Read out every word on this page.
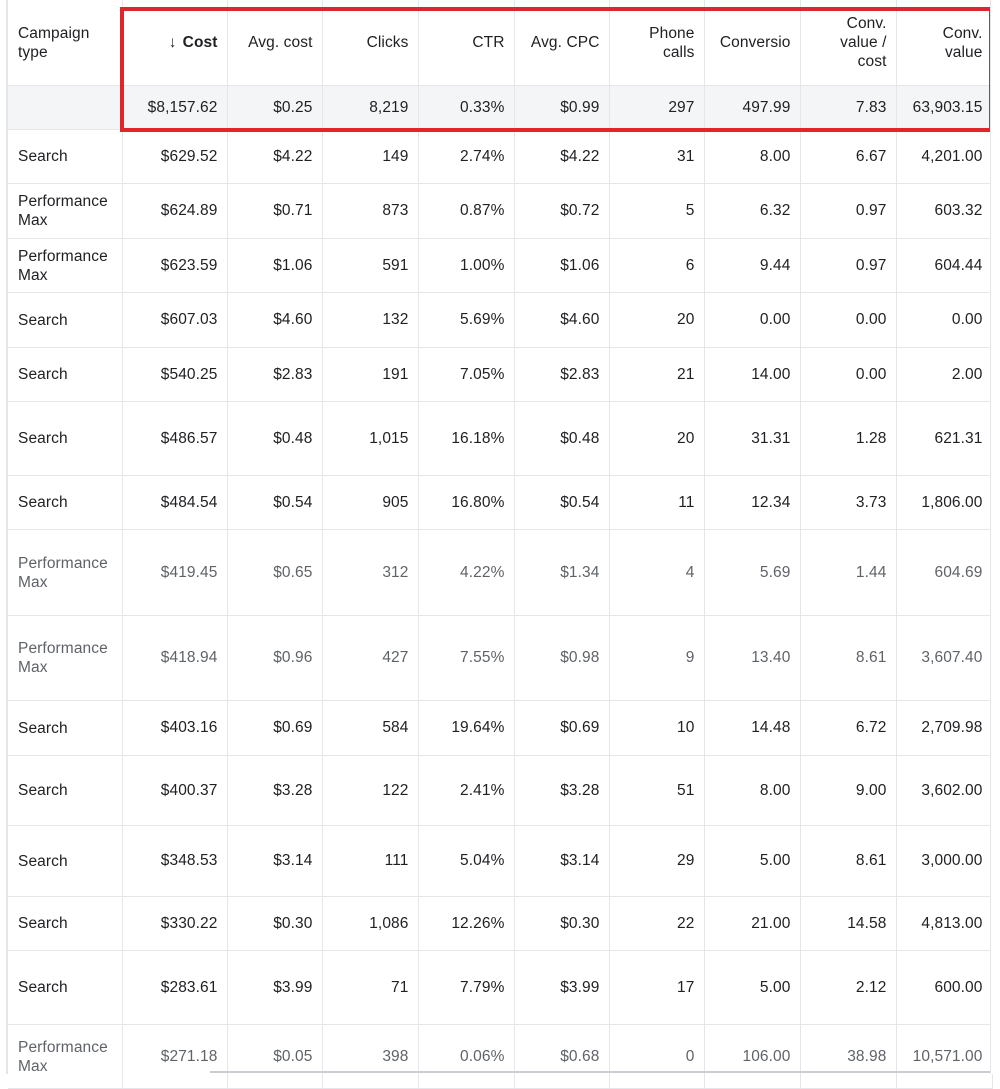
Campaign type	↓ Cost	Avg. cost	Clicks	CTR	Avg. CPC	Phone calls	Conversio	Conv. value / cost	Conv. value
	$8,157.62	$0.25	8,219	0.33%	$0.99	297	497.99	7.83	63,903.15
Search	$629.52	$4.22	149	2.74%	$4.22	31	8.00	6.67	4,201.00
Performance Max	$624.89	$0.71	873	0.87%	$0.72	5	6.32	0.97	603.32
Performance Max	$623.59	$1.06	591	1.00%	$1.06	6	9.44	0.97	604.44
Search	$607.03	$4.60	132	5.69%	$4.60	20	0.00	0.00	0.00
Search	$540.25	$2.83	191	7.05%	$2.83	21	14.00	0.00	2.00
Search	$486.57	$0.48	1,015	16.18%	$0.48	20	31.31	1.28	621.31
Search	$484.54	$0.54	905	16.80%	$0.54	11	12.34	3.73	1,806.00
Performance Max	$419.45	$0.65	312	4.22%	$1.34	4	5.69	1.44	604.69
Performance Max	$418.94	$0.96	427	7.55%	$0.98	9	13.40	8.61	3,607.40
Search	$403.16	$0.69	584	19.64%	$0.69	10	14.48	6.72	2,709.98
Search	$400.37	$3.28	122	2.41%	$3.28	51	8.00	9.00	3,602.00
Search	$348.53	$3.14	111	5.04%	$3.14	29	5.00	8.61	3,000.00
Search	$330.22	$0.30	1,086	12.26%	$0.30	22	21.00	14.58	4,813.00
Search	$283.61	$3.99	71	7.79%	$3.99	17	5.00	2.12	600.00
Performance Max	$271.18	$0.05	398	0.06%	$0.68	0	106.00	38.98	10,571.00
